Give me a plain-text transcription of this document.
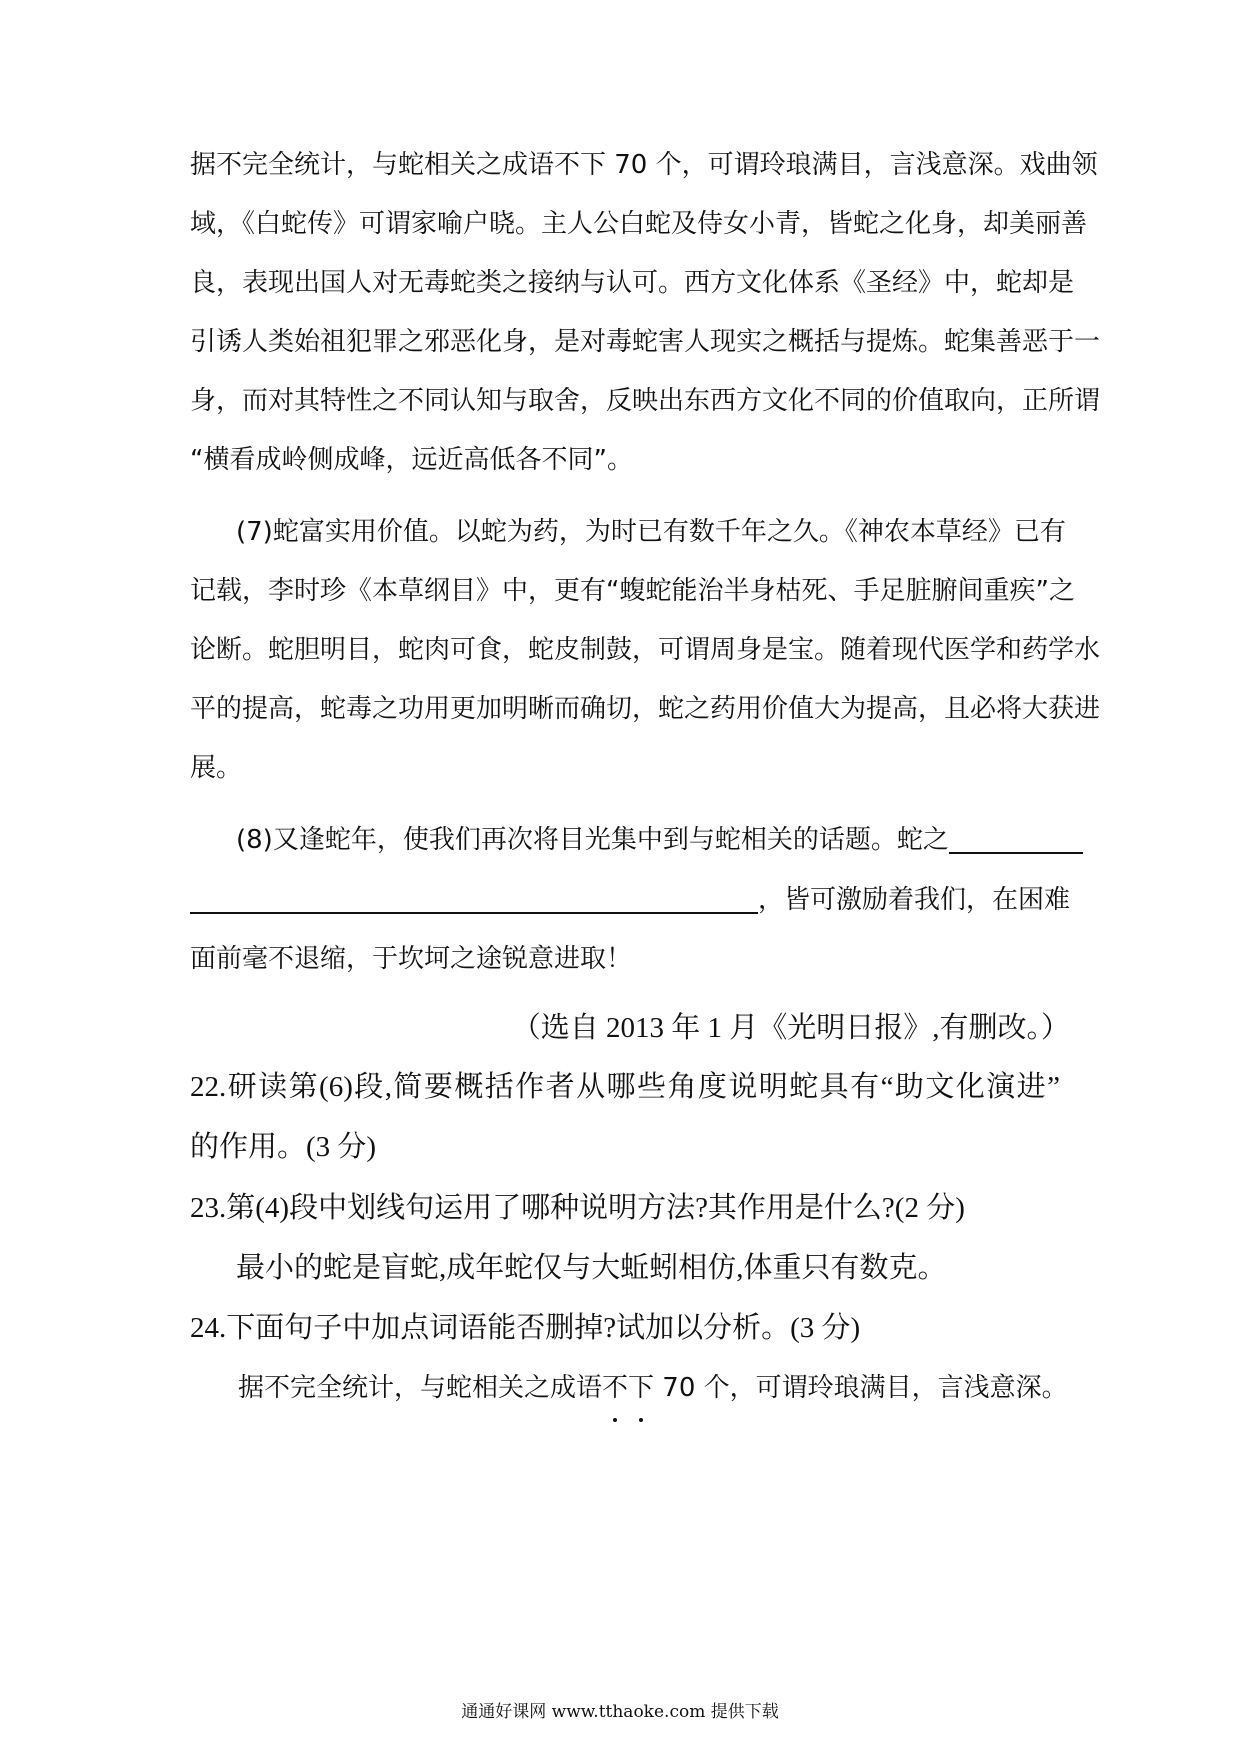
据不完全统计，与蛇相关之成语不下 70 个，可谓玲琅满目，言浅意深。戏曲领
域，《白蛇传》可谓家喻户晓。主人公白蛇及侍女小青，皆蛇之化身，却美丽善
良，表现出国人对无毒蛇类之接纳与认可。西方文化体系《圣经》中，蛇却是
引诱人类始祖犯罪之邪恶化身，是对毒蛇害人现实之概括与提炼。蛇集善恶于一
身，而对其特性之不同认知与取舍，反映出东西方文化不同的价值取向，正所谓
“横看成岭侧成峰，远近高低各不同”。
(7)蛇富实用价值。以蛇为药，为时已有数千年之久。《神农本草经》已有
记载，李时珍《本草纲目》中，更有“蝮蛇能治半身枯死、手足脏腑间重疾”之
论断。蛇胆明目，蛇肉可食，蛇皮制鼓，可谓周身是宝。随着现代医学和药学水
平的提高，蛇毒之功用更加明晰而确切，蛇之药用价值大为提高，且必将大获进
展。
(8)又逢蛇年，使我们再次将目光集中到与蛇相关的话题。蛇之
，皆可激励着我们，在困难
面前毫不退缩，于坎坷之途锐意进取！
（选自 2013 年 1 月《光明日报》,有删改。）
22.研读第(6)段,简要概括作者从哪些角度说明蛇具有“助文化演进”
的作用。(3 分)
23.第(4)段中划线句运用了哪种说明方法?其作用是什么?(2 分)
最小的蛇是盲蛇,成年蛇仅与大蚯蚓相仿,体重只有数克。
24.下面句子中加点词语能否删掉?试加以分析。(3 分)
据不完全统计，与蛇相关之成语不下 70 个，可谓玲琅满目，言浅意深。
通通好课网 www.tthaoke.com 提供下载
